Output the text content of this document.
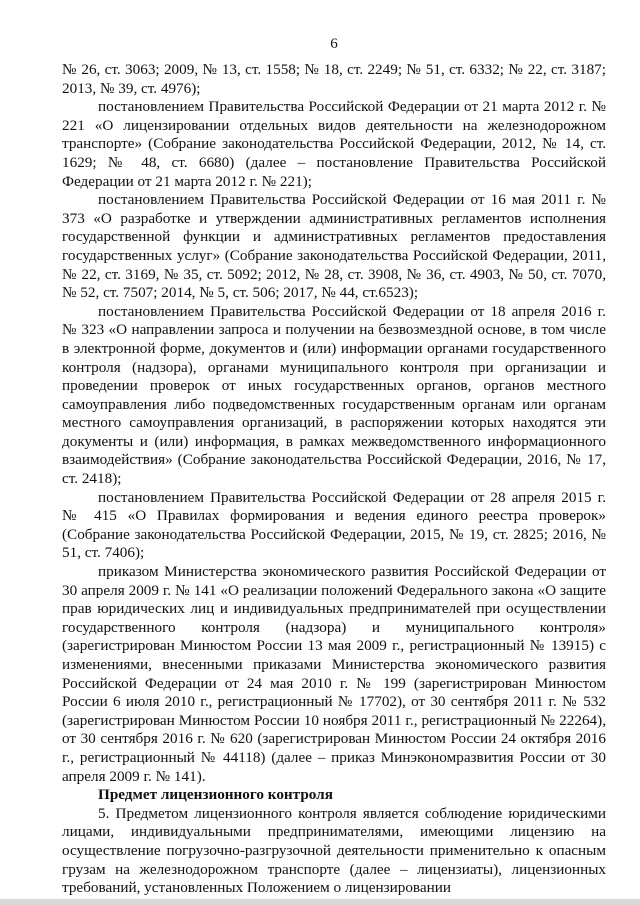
6

№ 26, ст. 3063; 2009, № 13, ст. 1558; № 18, ст. 2249; № 51, ст. 6332; № 22, ст. 3187; 2013, № 39, ст. 4976);

постановлением Правительства Российской Федерации от 21 марта 2012 г. № 221 «О лицензировании отдельных видов деятельности на железнодорожном транспорте» (Собрание законодательства Российской Федерации, 2012, № 14, ст. 1629; № 48, ст. 6680) (далее – постановление Правительства Российской Федерации от 21 марта 2012 г. № 221);

постановлением Правительства Российской Федерации от 16 мая 2011 г. № 373 «О разработке и утверждении административных регламентов исполнения государственной функции и административных регламентов предоставления государственных услуг» (Собрание законодательства Российской Федерации, 2011, № 22, ст. 3169, № 35, ст. 5092; 2012, № 28, ст. 3908, № 36, ст. 4903, № 50, ст. 7070, № 52, ст. 7507; 2014, № 5, ст. 506; 2017, № 44, ст.6523);

постановлением Правительства Российской Федерации от 18 апреля 2016 г. № 323 «О направлении запроса и получении на безвозмездной основе, в том числе в электронной форме, документов и (или) информации органами государственного контроля (надзора), органами муниципального контроля при организации и проведении проверок от иных государственных органов, органов местного самоуправления либо подведомственных государственным органам или органам местного самоуправления организаций, в распоряжении которых находятся эти документы и (или) информация, в рамках межведомственного информационного взаимодействия» (Собрание законодательства Российской Федерации, 2016, № 17, ст. 2418);

постановлением Правительства Российской Федерации от 28 апреля 2015 г. № 415 «О Правилах формирования и ведения единого реестра проверок» (Собрание законодательства Российской Федерации, 2015, № 19, ст. 2825; 2016, № 51, ст. 7406);

приказом Министерства экономического развития Российской Федерации от 30 апреля 2009 г. № 141 «О реализации положений Федерального закона «О защите прав юридических лиц и индивидуальных предпринимателей при осуществлении государственного контроля (надзора) и муниципального контроля» (зарегистрирован Минюстом России 13 мая 2009 г., регистрационный № 13915) с изменениями, внесенными приказами Министерства экономического развития Российской Федерации от 24 мая 2010 г. № 199 (зарегистрирован Минюстом России 6 июля 2010 г., регистрационный № 17702), от 30 сентября 2011 г. № 532 (зарегистрирован Минюстом России 10 ноября 2011 г., регистрационный № 22264), от 30 сентября 2016 г. № 620 (зарегистрирован Минюстом России 24 октября 2016 г., регистрационный № 44118) (далее – приказ Минэкономразвития России от 30 апреля 2009 г. № 141).

Предмет лицензионного контроля

5. Предметом лицензионного контроля является соблюдение юридическими лицами, индивидуальными предпринимателями, имеющими лицензию на осуществление погрузочно-разгрузочной деятельности применительно к опасным грузам на железнодорожном транспорте (далее – лицензиаты), лицензионных требований, установленных Положением о лицензировании
